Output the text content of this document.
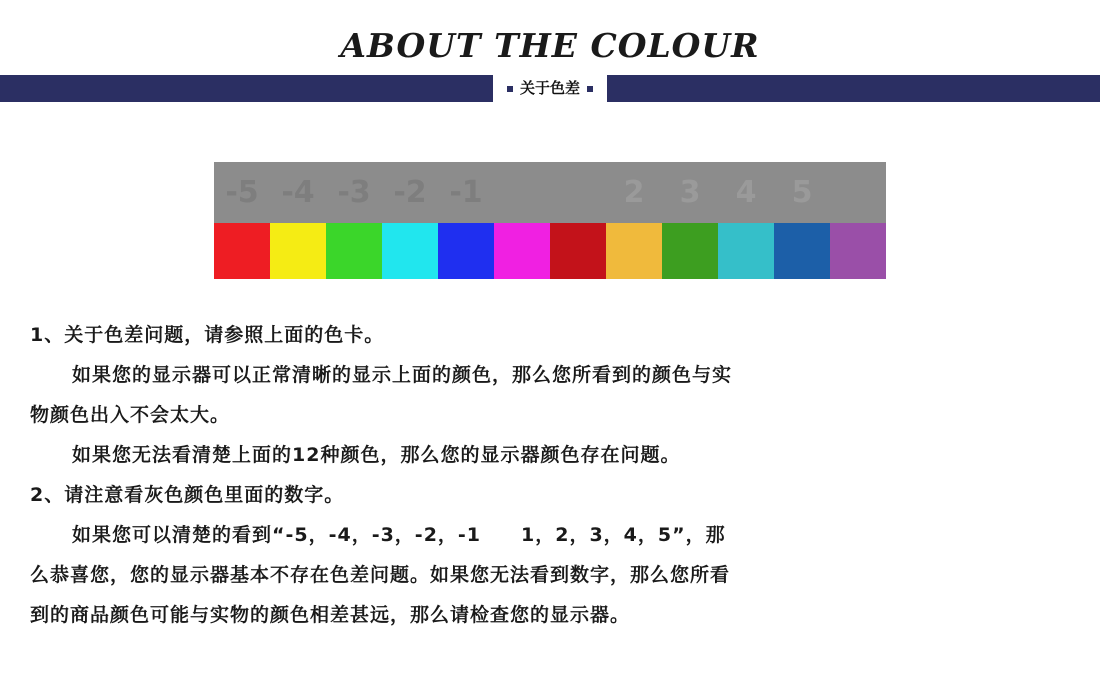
ABOUT THE COLOUR
关于色差
-5 -4 -3 -2 -1	2	3	4	5

1、关于色差问题，请参照上面的色卡。

如果您的显示器可以正常清晰的显示上面的颜色，那么您所看到的颜色与实

物颜色出入不会太大。

如果您无法看清楚上面的12种颜色，那么您的显示器颜色存在问题。

2、请注意看灰色颜色里面的数字。

如果您可以清楚的看到“-5，-4，-3，-2，-1　　1，2，3，4，5”，那

么恭喜您，您的显示器基本不存在色差问题。如果您无法看到数字，那么您所看

到的商品颜色可能与实物的颜色相差甚远，那么请检查您的显示器。
